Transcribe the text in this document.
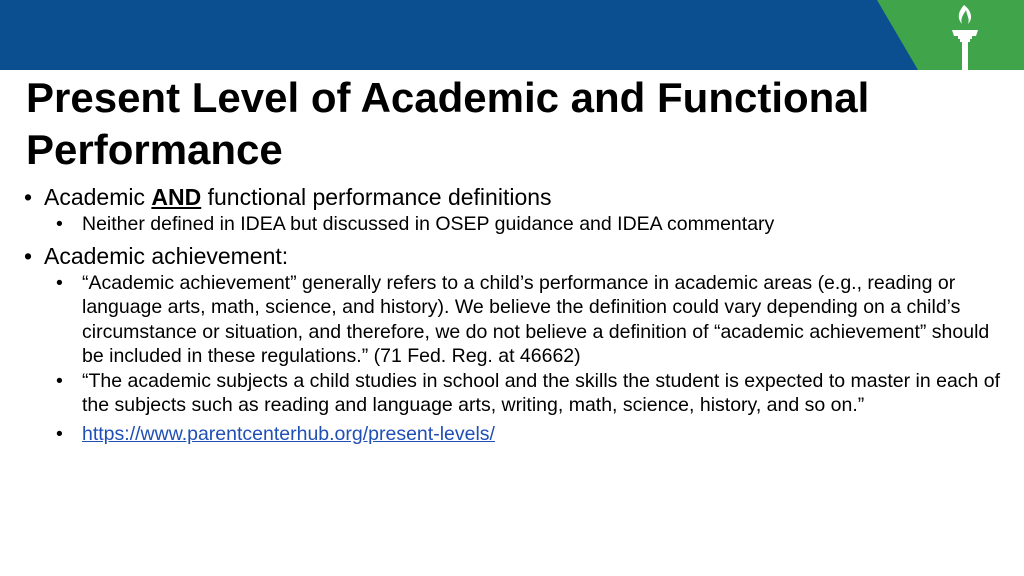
Present Level of Academic and Functional
Performance
• Academic AND functional performance definitions
• Neither defined in IDEA but discussed in OSEP guidance and IDEA commentary
• Academic achievement:
• “Academic achievement” generally refers to a child’s performance in academic areas (e.g., reading or language arts, math, science, and history). We believe the definition could vary depending on a child’s circumstance or situation, and therefore, we do not believe a definition of “academic achievement” should be included in these regulations.” (71 Fed. Reg. at 46662)
• “The academic subjects a child studies in school and the skills the student is expected to master in each of the subjects such as reading and language arts, writing, math, science, history, and so on.”
• https://www.parentcenterhub.org/present-levels/
